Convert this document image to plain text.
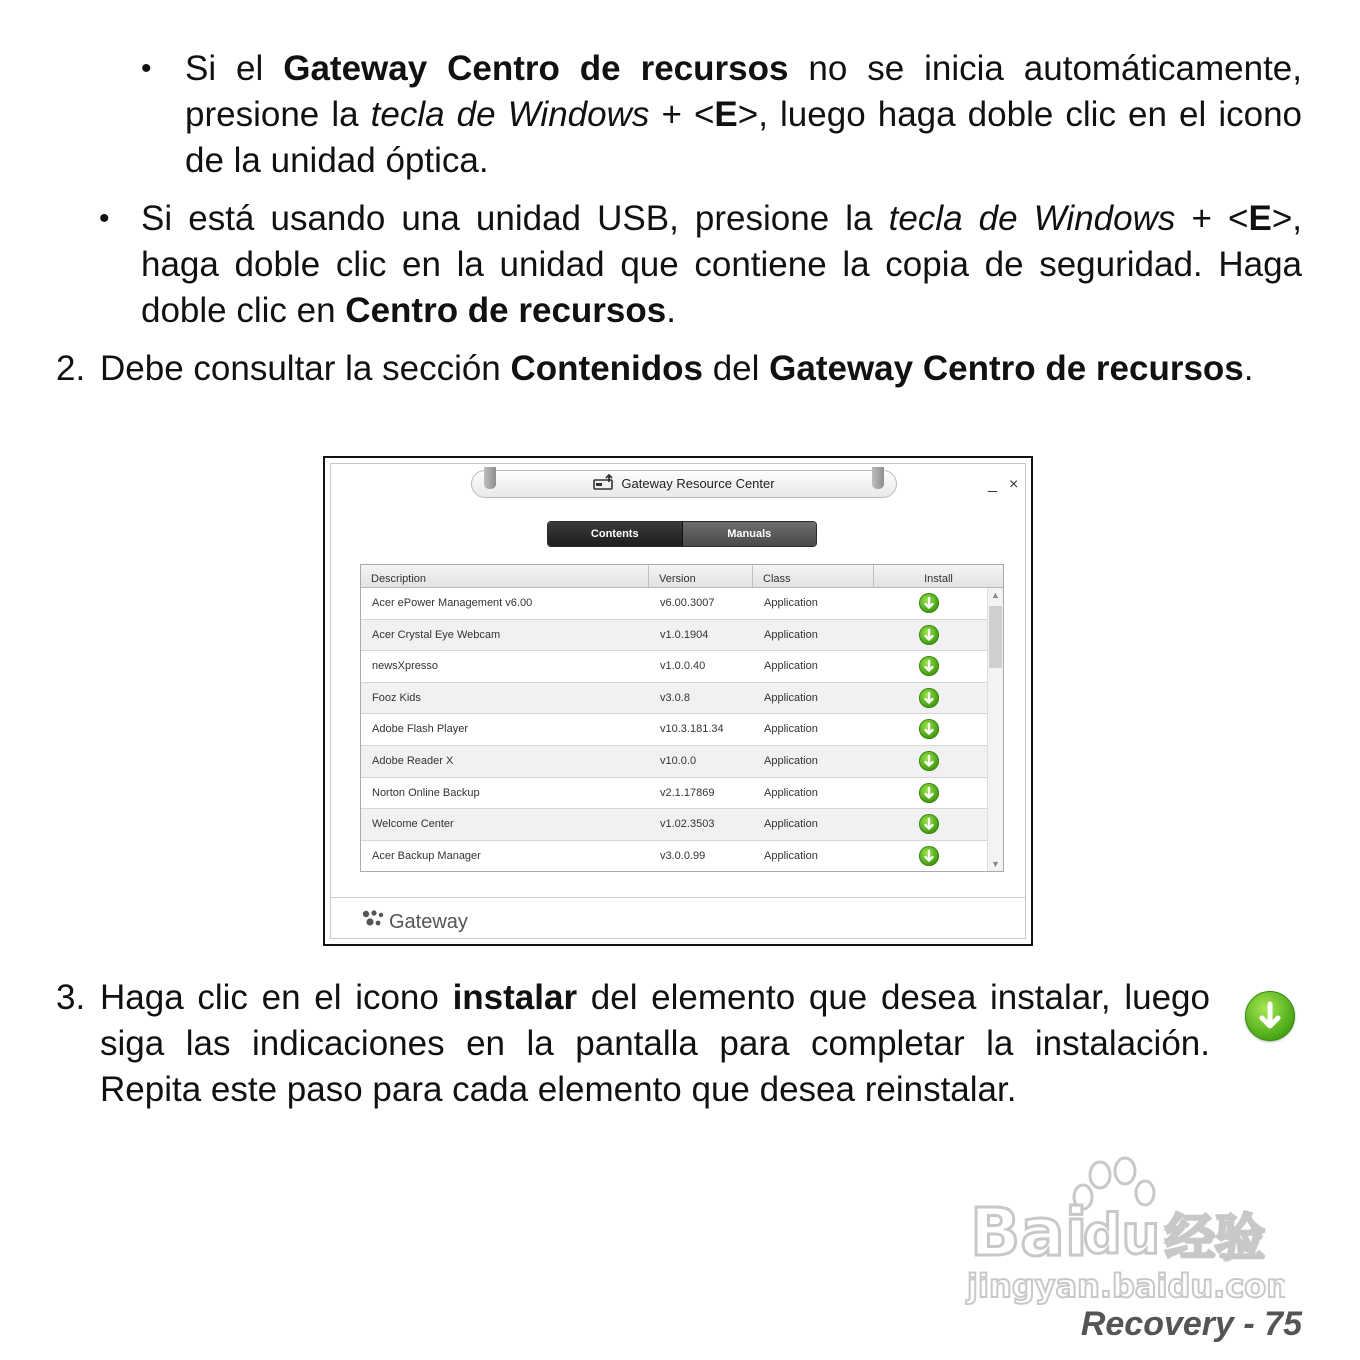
• Si el Gateway Centro de recursos no se inicia automáticamente, presione la tecla de Windows + <E>, luego haga doble clic en el icono de la unidad óptica.

• Si está usando una unidad USB, presione la tecla de Windows + <E>, haga doble clic en la unidad que contiene la copia de seguridad. Haga doble clic en Centro de recursos.

2. Debe consultar la sección Contenidos del Gateway Centro de recursos.

Gateway Resource Center	_ ×
Contents	Manuals
Description	Version	Class	Install
Acer ePower Management v6.00	v6.00.3007	Application
Acer Crystal Eye Webcam	v1.0.1904	Application
newsXpresso	v1.0.0.40	Application
Fooz Kids	v3.0.8	Application
Adobe Flash Player	v10.3.181.34	Application
Adobe Reader X	v10.0.0	Application
Norton Online Backup	v2.1.17869	Application
Welcome Center	v1.02.3503	Application
Acer Backup Manager	v3.0.0.99	Application
▲
▼
Gateway
3. Haga clic en el icono instalar del elemento que desea instalar, luego siga las indicaciones en la pantalla para completar la instalación. Repita este paso para cada elemento que desea reinstalar.

Bai
du 经验
jingyan.baidu.com
Recovery - 75
